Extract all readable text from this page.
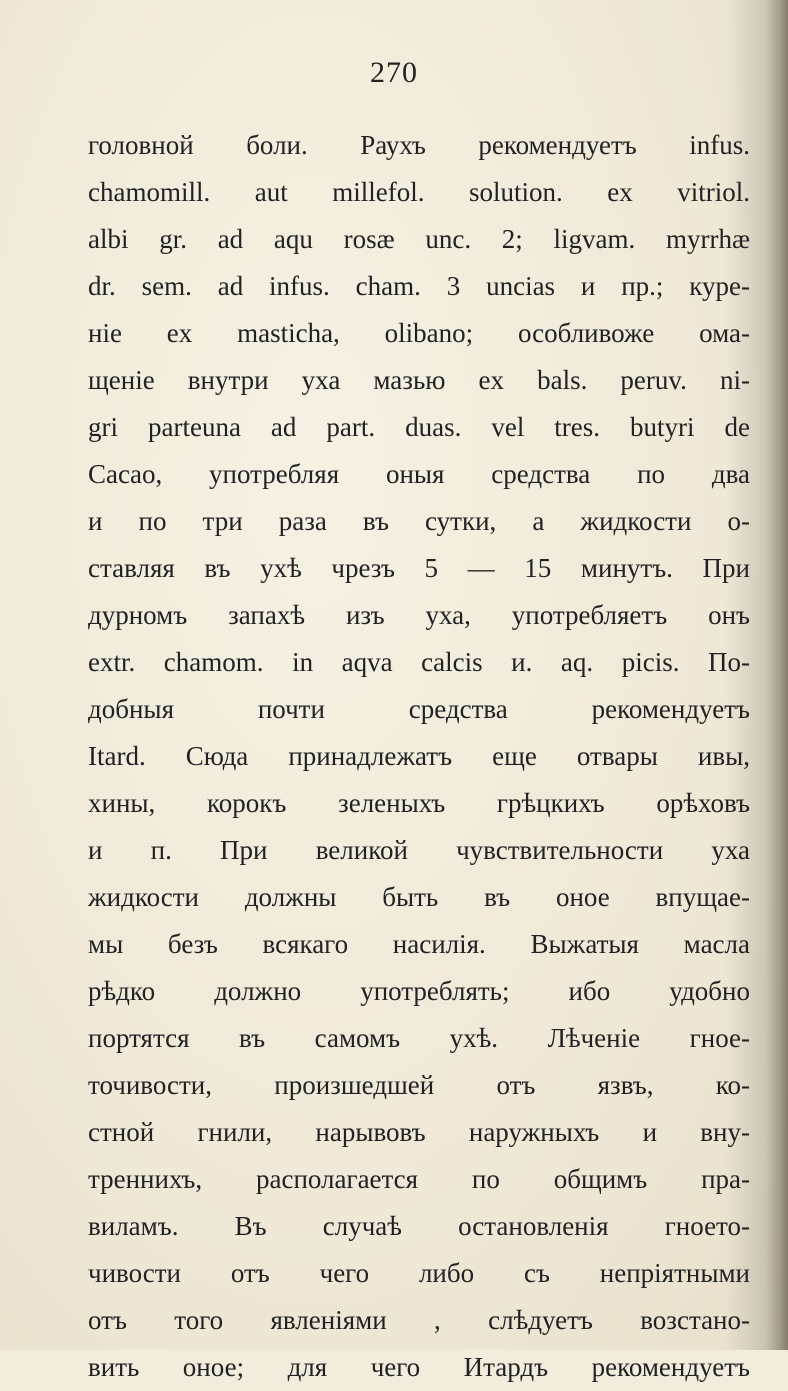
270
головной боли. Раухъ рекомендуетъ infus.
chamomill. aut millefol. solution. ex vitriol.
albi gr. ad aqu rosæ unc. 2; ligvam. myrrhæ
dr. sem. ad infus. cham. 3 uncias и пр.; куре-
ніе ex masticha, olibano; особливоже ома-
щеніе внутри уха мазью ex bals. peruv. ni-
gri parteuna ad part. duas. vel tres. butyri de
Cacao, употребляя оныя средства по два
и по три раза въ сутки, а жидкости о-
ставляя въ ухѣ чрезъ 5 — 15 минутъ. При
дурномъ запахѣ изъ уха, употребляетъ онъ
extr. chamom. in aqva calcis и. aq. picis. По-
добныя почти средства рекомендуетъ
Itard. Сюда принадлежатъ еще отвары ивы,
хины, корокъ зеленыхъ грѣцкихъ орѣховъ
и п. При великой чувствительности уха
жидкости должны быть въ оное впущае-
мы безъ всякаго насилія. Выжатыя масла
рѣдко должно употреблять; ибо удобно
портятся въ самомъ ухѣ. Лѣченіе гное-
точивости, произшедшей отъ язвъ, ко-
стной гнили, нарывовъ наружныхъ и вну-
треннихъ, располагается по общимъ пра-
виламъ. Въ случаѣ остановленія гноето-
чивости отъ чего либо съ непріятными
отъ того явленіями , слѣдуетъ возстано-
вить оное; для чего Итардъ рекомендуетъ
